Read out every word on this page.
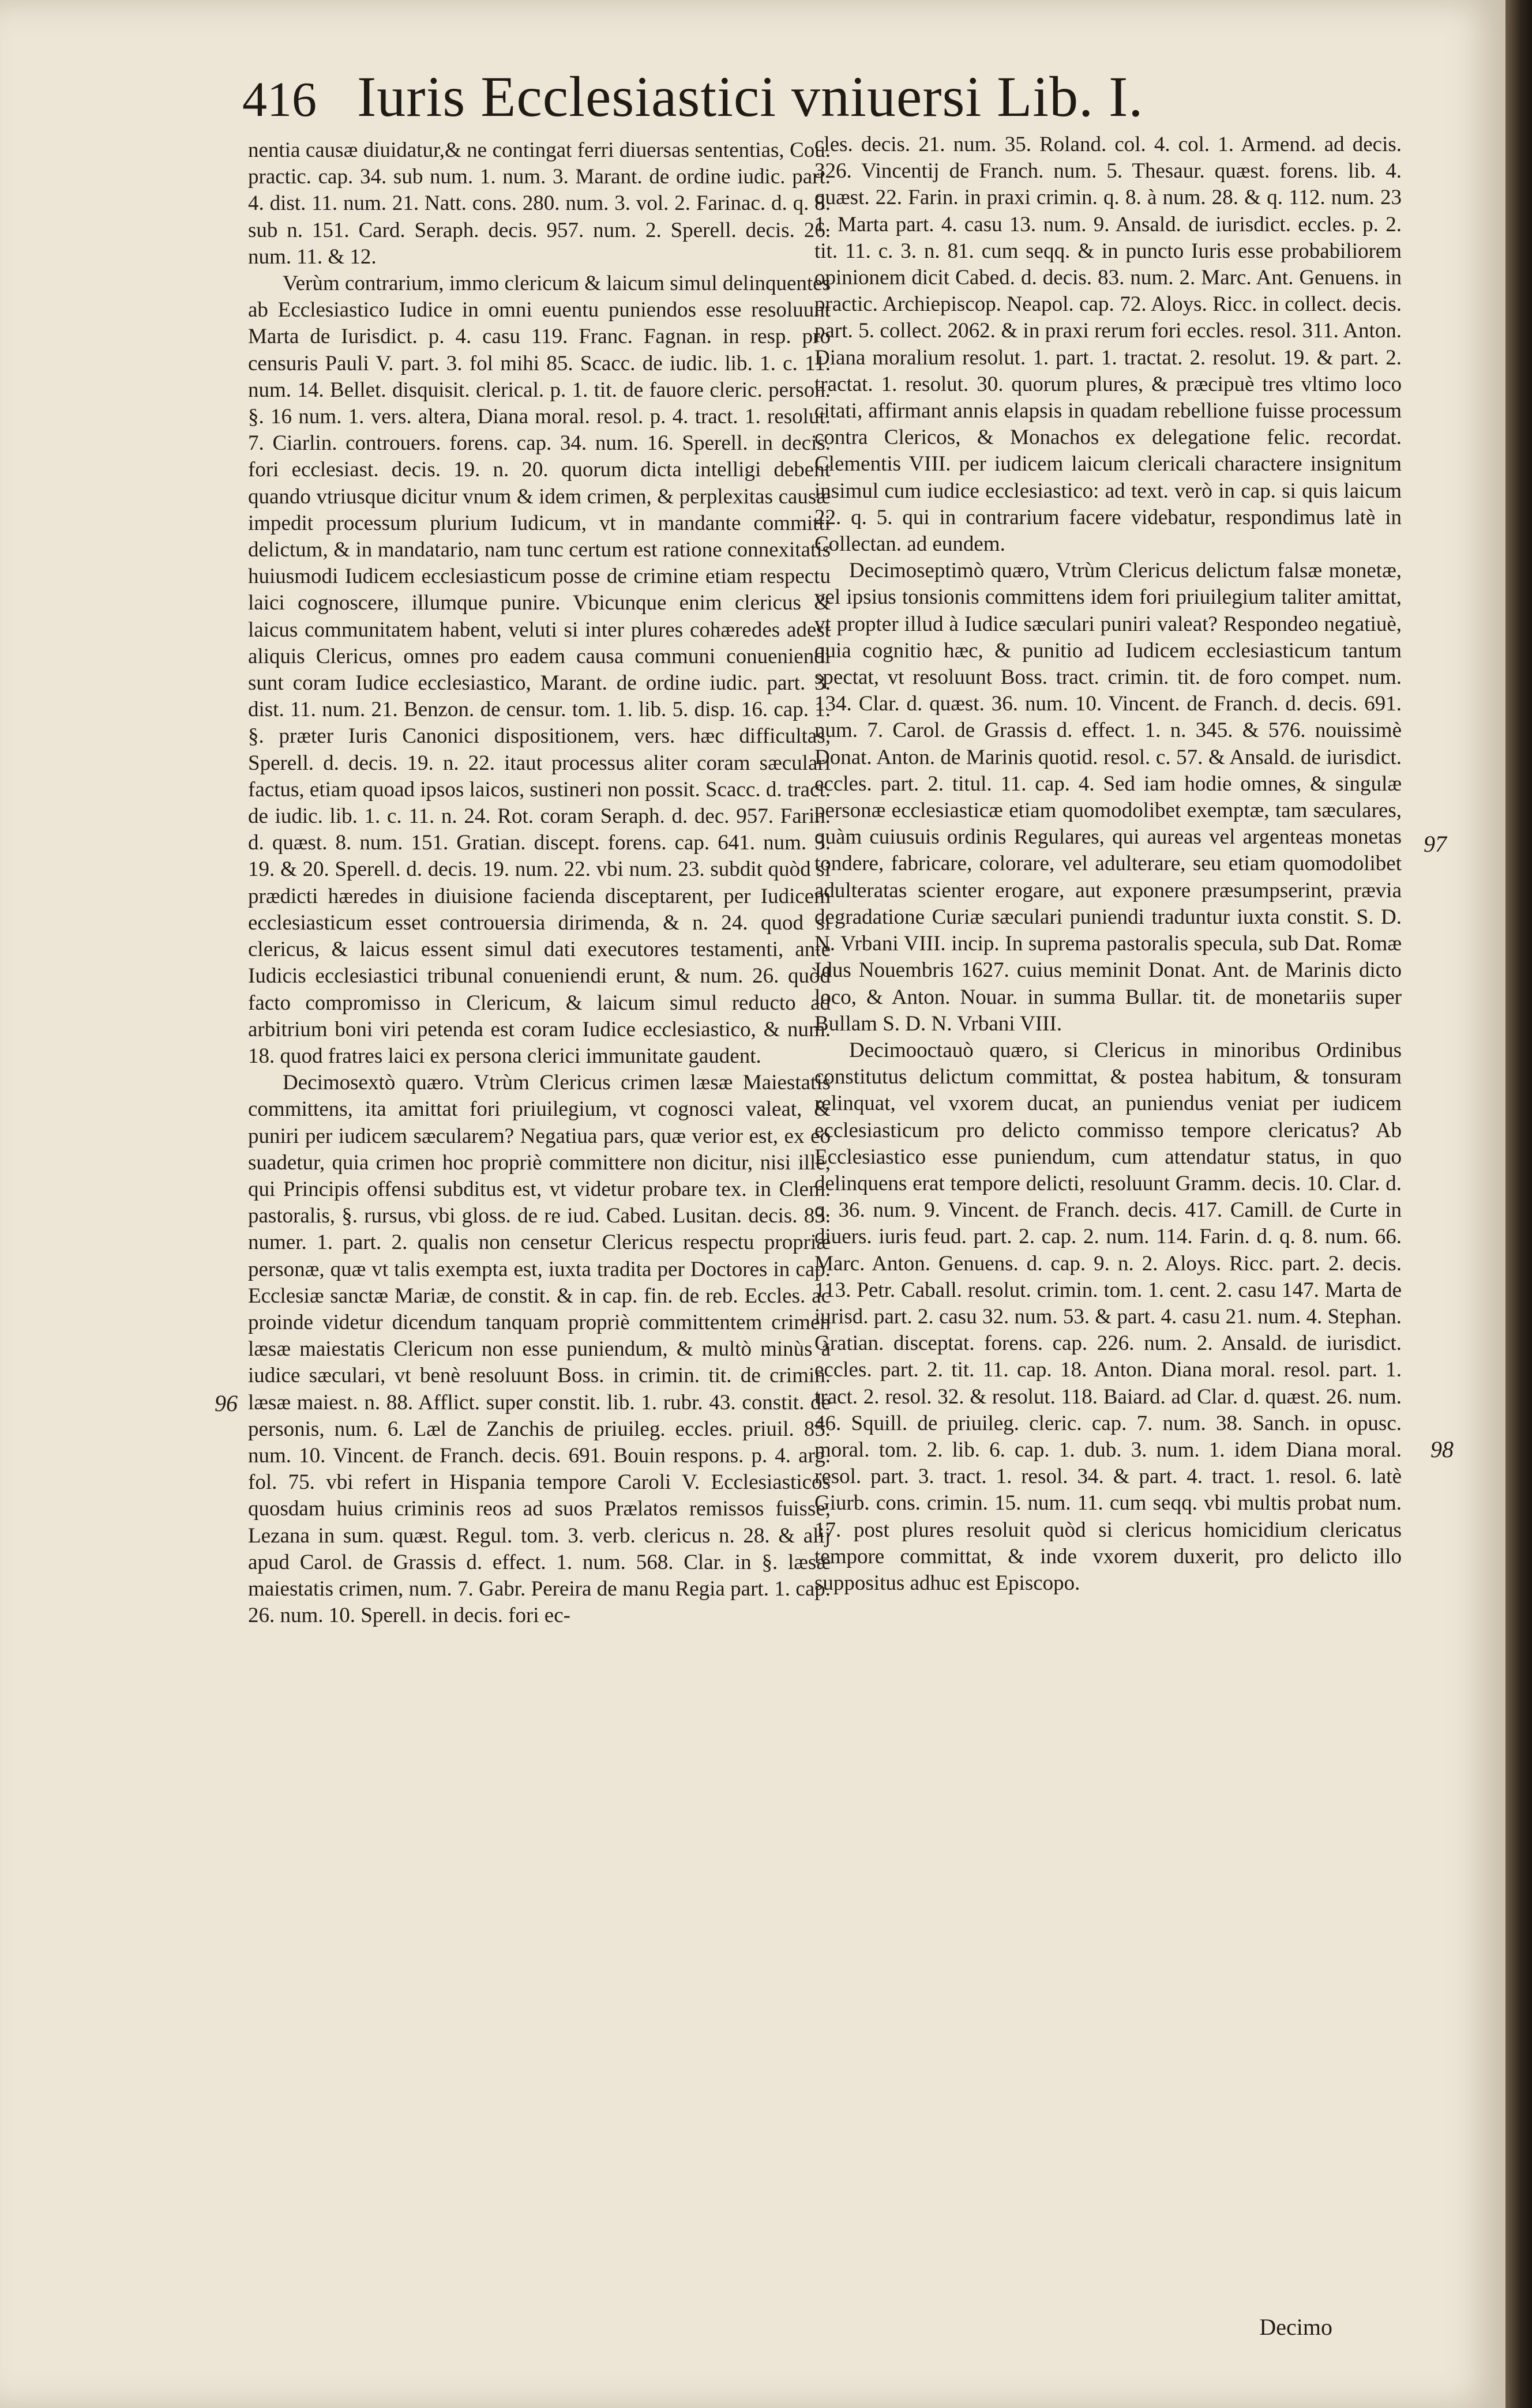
416 Iuris Ecclesiastici vniuersi Lib. I.

nentia causæ diuidatur,& ne contingat ferri diuersas sententias, Cou. practic. cap. 34. sub num. 1. num. 3. Marant. de ordine iudic. part. 4. dist. 11. num. 21. Natt. cons. 280. num. 3. vol. 2. Farinac. d. q. 8. sub n. 151. Card. Seraph. decis. 957. num. 2. Sperell. decis. 26. num. 11. & 12.

Verùm contrarium, immo clericum & laicum simul delinquentes ab Ecclesiastico Iudice in omni euentu puniendos esse resoluunt Marta de Iurisdict. p. 4. casu 119. Franc. Fagnan. in resp. pro censuris Pauli V. part. 3. fol mihi 85. Scacc. de iudic. lib. 1. c. 11. num. 14. Bellet. disquisit. clerical. p. 1. tit. de fauore cleric. person. §. 16 num. 1. vers. altera, Diana moral. resol. p. 4. tract. 1. resolut. 7. Ciarlin. controuers. forens. cap. 34. num. 16. Sperell. in decis. fori ecclesiast. decis. 19. n. 20. quorum dicta intelligi debent quando vtriusque dicitur vnum & idem crimen, & perplexitas causæ impedit processum plurium Iudicum, vt in mandante committi delictum, & in mandatario, nam tunc certum est ratione connexitatis huiusmodi Iudicem ecclesiasticum posse de crimine etiam respectu laici cognoscere, illumque punire. Vbicunque enim clericus & laicus communitatem habent, veluti si inter plures cohæredes adest aliquis Clericus, omnes pro eadem causa communi conueniendi sunt coram Iudice ecclesiastico, Marant. de ordine iudic. part. 3. dist. 11. num. 21. Benzon. de censur. tom. 1. lib. 5. disp. 16. cap. 1. §. præter Iuris Canonici dispositionem, vers. hæc difficultas, Sperell. d. decis. 19. n. 22. itaut processus aliter coram sæculari factus, etiam quoad ipsos laicos, sustineri non possit. Scacc. d. tract. de iudic. lib. 1. c. 11. n. 24. Rot. coram Seraph. d. dec. 957. Farin. d. quæst. 8. num. 151. Gratian. discept. forens. cap. 641. num. 3. 19. & 20. Sperell. d. decis. 19. num. 22. vbi num. 23. subdit quòd si prædicti hæredes in diuisione facienda disceptarent, per Iudicem ecclesiasticum esset controuersia dirimenda, & n. 24. quod si clericus, & laicus essent simul dati executores testamenti, ante Iudicis ecclesiastici tribunal conueniendi erunt, & num. 26. quòd facto compromisso in Clericum, & laicum simul reducto ad arbitrium boni viri petenda est coram Iudice ecclesiastico, & num. 18. quod fratres laici ex persona clerici immunitate gaudent.

Decimosextò quæro. Vtrùm Clericus crimen læsæ Maiestatis committens, ita amittat fori priuilegium, vt cognosci valeat, & puniri per iudicem sæcularem? Negatiua pars, quæ verior est, ex eo suadetur, quia crimen hoc propriè committere non dicitur, nisi ille, qui Principis offensi subditus est, vt videtur probare tex. in Clem. pastoralis, §. rursus, vbi gloss. de re iud. Cabed. Lusitan. decis. 83. numer. 1. part. 2. qualis non censetur Clericus respectu propriæ personæ, quæ vt talis exempta est, iuxta tradita per Doctores in cap. Ecclesiæ sanctæ Mariæ, de constit. & in cap. fin. de reb. Eccles. ac proinde videtur dicendum tanquam propriè committentem crimen læsæ maiestatis Clericum non esse puniendum, & multò minùs à iudice sæculari, vt benè resoluunt Boss. in crimin. tit. de crimin. læsæ maiest. n. 88. Afflict. super constit. lib. 1. rubr. 43. constit. de personis, num. 6. Læl de Zanchis de priuileg. eccles. priuil. 85. num. 10. Vincent. de Franch. decis. 691. Bouin respons. p. 4. arg. fol. 75. vbi refert in Hispania tempore Caroli V. Ecclesiasticos quosdam huius criminis reos ad suos Prælatos remissos fuisse, Lezana in sum. quæst. Regul. tom. 3. verb. clericus n. 28. & alij apud Carol. de Grassis d. effect. 1. num. 568. Clar. in §. læsæ maiestatis crimen, num. 7. Gabr. Pereira de manu Regia part. 1. cap. 26. num. 10. Sperell. in decis. fori ec-

cles. decis. 21. num. 35. Roland. col. 4. col. 1. Armend. ad decis. 326. Vincentij de Franch. num. 5. Thesaur. quæst. forens. lib. 4. quæst. 22. Farin. in praxi crimin. q. 8. à num. 28. & q. 112. num. 23 1. Marta part. 4. casu 13. num. 9. Ansald. de iurisdict. eccles. p. 2. tit. 11. c. 3. n. 81. cum seqq. & in puncto Iuris esse probabiliorem opinionem dicit Cabed. d. decis. 83. num. 2. Marc. Ant. Genuens. in practic. Archiepiscop. Neapol. cap. 72. Aloys. Ricc. in collect. decis. part. 5. collect. 2062. & in praxi rerum fori eccles. resol. 311. Anton. Diana moralium resolut. 1. part. 1. tractat. 2. resolut. 19. & part. 2. tractat. 1. resolut. 30. quorum plures, & præcipuè tres vltimo loco citati, affirmant annis elapsis in quadam rebellione fuisse processum contra Clericos, & Monachos ex delegatione felic. recordat. Clementis VIII. per iudicem laicum clericali charactere insignitum insimul cum iudice ecclesiastico: ad text. verò in cap. si quis laicum 22. q. 5. qui in contrarium facere videbatur, respondimus latè in Collectan. ad eundem.

Decimoseptimò quæro, Vtrùm Clericus delictum falsæ monetæ, vel ipsius tonsionis committens idem fori priuilegium taliter amittat, vt propter illud à Iudice sæculari puniri valeat? Respondeo negatiuè, quia cognitio hæc, & punitio ad Iudicem ecclesiasticum tantum spectat, vt resoluunt Boss. tract. crimin. tit. de foro compet. num. 134. Clar. d. quæst. 36. num. 10. Vincent. de Franch. d. decis. 691. num. 7. Carol. de Grassis d. effect. 1. n. 345. & 576. nouissimè Donat. Anton. de Marinis quotid. resol. c. 57. & Ansald. de iurisdict. eccles. part. 2. titul. 11. cap. 4. Sed iam hodie omnes, & singulæ personæ ecclesiasticæ etiam quomodolibet exemptæ, tam sæculares, quàm cuiusuis ordinis Regulares, qui aureas vel argenteas monetas tondere, fabricare, colorare, vel adulterare, seu etiam quomodolibet adulteratas scienter erogare, aut exponere præsumpserint, prævia degradatione Curiæ sæculari puniendi traduntur iuxta constit. S. D. N. Vrbani VIII. incip. In suprema pastoralis specula, sub Dat. Romæ Idus Nouembris 1627. cuius meminit Donat. Ant. de Marinis dicto loco, & Anton. Nouar. in summa Bullar. tit. de monetariis super Bullam S. D. N. Vrbani VIII.

Decimooctauò quæro, si Clericus in minoribus Ordinibus constitutus delictum committat, & postea habitum, & tonsuram relinquat, vel vxorem ducat, an puniendus veniat per iudicem ecclesiasticum pro delicto commisso tempore clericatus? Ab Ecclesiastico esse puniendum, cum attendatur status, in quo delinquens erat tempore delicti, resoluunt Gramm. decis. 10. Clar. d. q. 36. num. 9. Vincent. de Franch. decis. 417. Camill. de Curte in diuers. iuris feud. part. 2. cap. 2. num. 114. Farin. d. q. 8. num. 66. Marc. Anton. Genuens. d. cap. 9. n. 2. Aloys. Ricc. part. 2. decis. 113. Petr. Caball. resolut. crimin. tom. 1. cent. 2. casu 147. Marta de iurisd. part. 2. casu 32. num. 53. & part. 4. casu 21. num. 4. Stephan. Gratian. disceptat. forens. cap. 226. num. 2. Ansald. de iurisdict. eccles. part. 2. tit. 11. cap. 18. Anton. Diana moral. resol. part. 1. tract. 2. resol. 32. & resolut. 118. Baiard. ad Clar. d. quæst. 26. num. 46. Squill. de priuileg. cleric. cap. 7. num. 38. Sanch. in opusc. moral. tom. 2. lib. 6. cap. 1. dub. 3. num. 1. idem Diana moral. resol. part. 3. tract. 1. resol. 34. & part. 4. tract. 1. resol. 6. latè Giurb. cons. crimin. 15. num. 11. cum seqq. vbi multis probat num. 17. post plures resoluit quòd si clericus homicidium clericatus tempore committat, & inde vxorem duxerit, pro delicto illo suppositus adhuc est Episcopo.

96
97
98
Decimo
